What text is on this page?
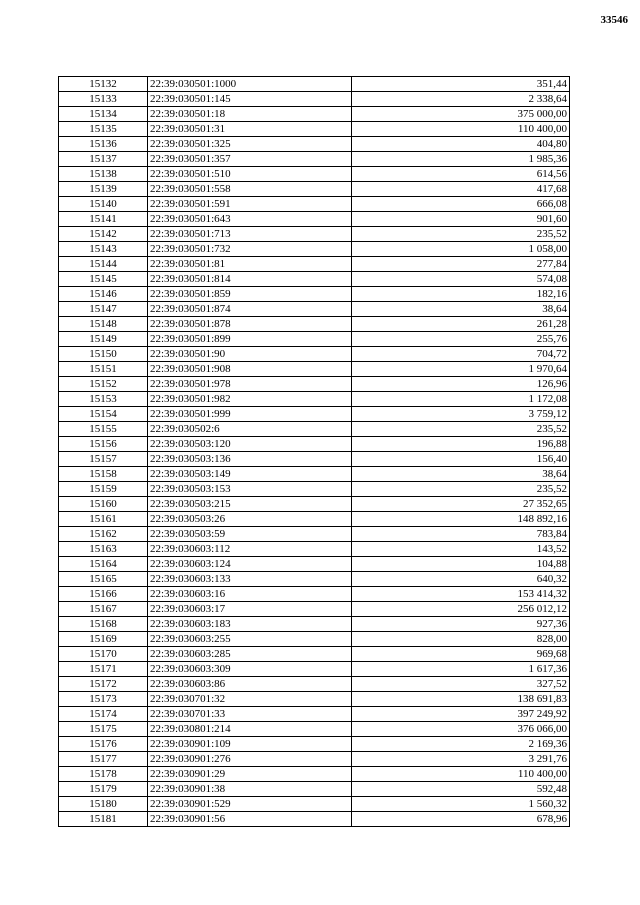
33546
15132	22:39:030501:1000	351,44
15133	22:39:030501:145	2 338,64
15134	22:39:030501:18	375 000,00
15135	22:39:030501:31	110 400,00
15136	22:39:030501:325	404,80
15137	22:39:030501:357	1 985,36
15138	22:39:030501:510	614,56
15139	22:39:030501:558	417,68
15140	22:39:030501:591	666,08
15141	22:39:030501:643	901,60
15142	22:39:030501:713	235,52
15143	22:39:030501:732	1 058,00
15144	22:39:030501:81	277,84
15145	22:39:030501:814	574,08
15146	22:39:030501:859	182,16
15147	22:39:030501:874	38,64
15148	22:39:030501:878	261,28
15149	22:39:030501:899	255,76
15150	22:39:030501:90	704,72
15151	22:39:030501:908	1 970,64
15152	22:39:030501:978	126,96
15153	22:39:030501:982	1 172,08
15154	22:39:030501:999	3 759,12
15155	22:39:030502:6	235,52
15156	22:39:030503:120	196,88
15157	22:39:030503:136	156,40
15158	22:39:030503:149	38,64
15159	22:39:030503:153	235,52
15160	22:39:030503:215	27 352,65
15161	22:39:030503:26	148 892,16
15162	22:39:030503:59	783,84
15163	22:39:030603:112	143,52
15164	22:39:030603:124	104,88
15165	22:39:030603:133	640,32
15166	22:39:030603:16	153 414,32
15167	22:39:030603:17	256 012,12
15168	22:39:030603:183	927,36
15169	22:39:030603:255	828,00
15170	22:39:030603:285	969,68
15171	22:39:030603:309	1 617,36
15172	22:39:030603:86	327,52
15173	22:39:030701:32	138 691,83
15174	22:39:030701:33	397 249,92
15175	22:39:030801:214	376 066,00
15176	22:39:030901:109	2 169,36
15177	22:39:030901:276	3 291,76
15178	22:39:030901:29	110 400,00
15179	22:39:030901:38	592,48
15180	22:39:030901:529	1 560,32
15181	22:39:030901:56	678,96
